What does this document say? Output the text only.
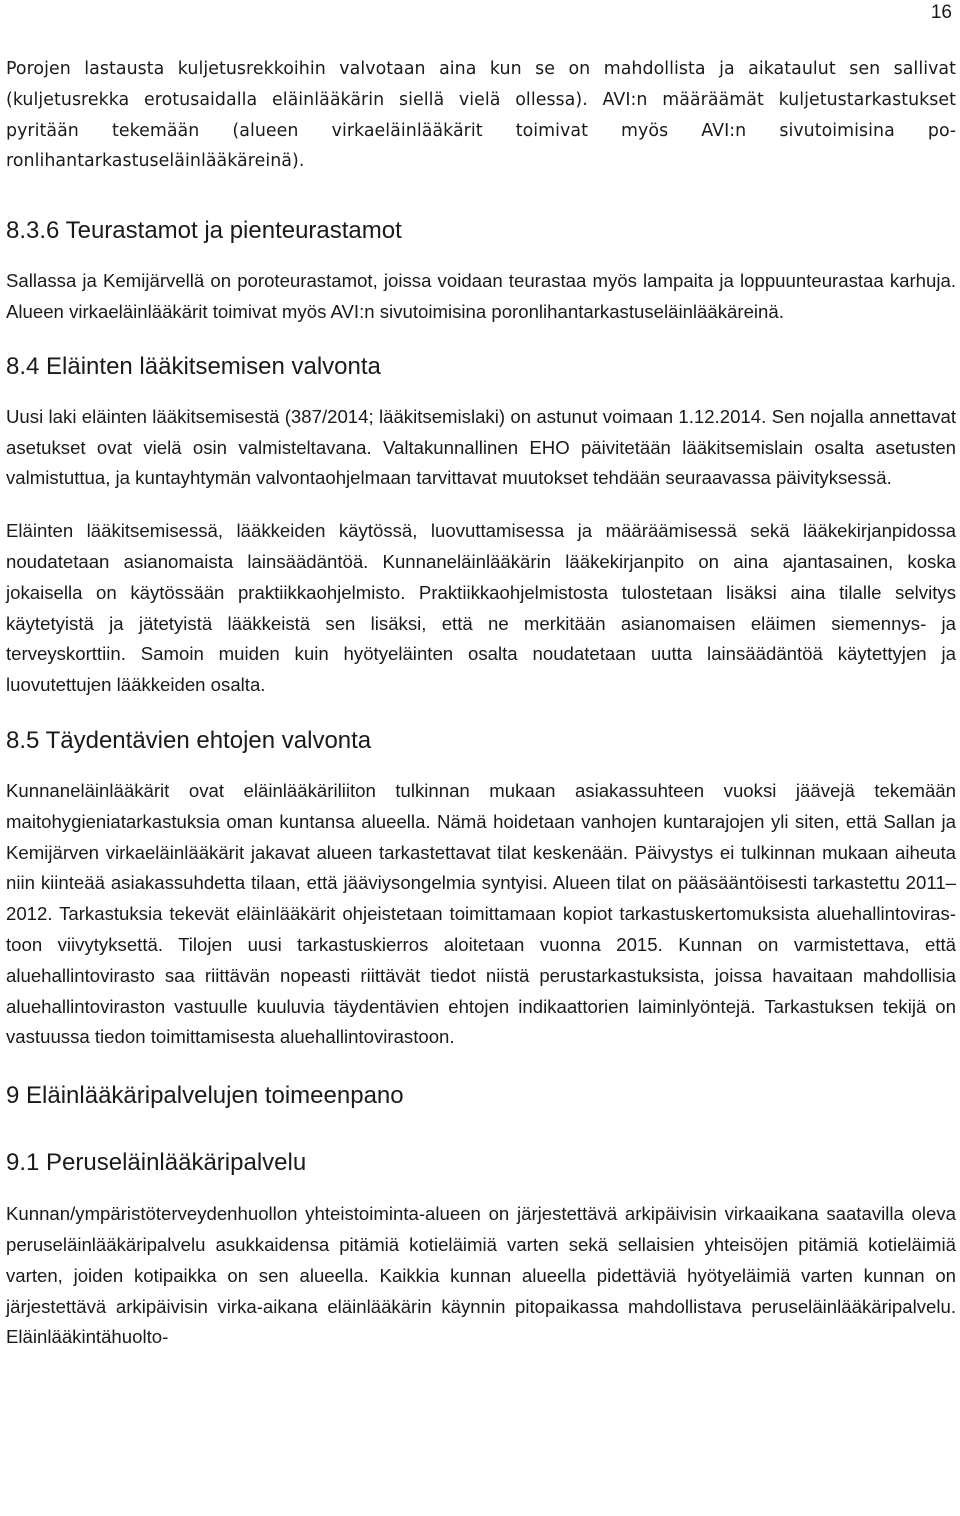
16

Porojen lastausta kuljetusrekkoihin valvotaan aina kun se on mahdollista ja aikataulut sen sallivat (kuljetusrekka erotusaidalla eläinlääkärin siellä vielä ollessa). AVI:n määräämät kuljetustarkastukset pyritään tekemään (alueen virkaeläinlääkärit toimivat myös AVI:n sivutoimisina poronlihantarkastuseläinlääkäreinä).

8.3.6 Teurastamot ja pienteurastamot

Sallassa ja Kemijärvellä on poroteurastamot, joissa voidaan teurastaa myös lampaita ja loppuunteurastaa karhuja. Alueen virkaeläinlääkärit toimivat myös AVI:n sivutoimisina poronlihantarkastuseläinlääkäreinä.

8.4 Eläinten lääkitsemisen valvonta

Uusi laki eläinten lääkitsemisestä (387/2014; lääkitsemislaki) on astunut voimaan 1.12.2014. Sen nojalla annettavat asetukset ovat vielä osin valmisteltavana. Valtakunnallinen EHO päivitetään lääkitsemislain osalta asetusten valmistuttua, ja kuntayhtymän valvontaohjelmaan tarvittavat muutokset tehdään seuraavassa päivityksessä.

Eläinten lääkitsemisessä, lääkkeiden käytössä, luovuttamisessa ja määräämisessä sekä lääkekirjanpidossa noudatetaan asianomaista lainsäädäntöä. Kunnaneläinlääkärin lääkekirjanpito on aina ajantasainen, koska jokaisella on käytössään praktiikkaohjelmisto. Praktiikkaohjelmistosta tulostetaan lisäksi aina tilalle selvitys käytetyistä ja jätetyistä lääkkeistä sen lisäksi, että ne merkitään asianomaisen eläimen siemennys- ja terveyskorttiin. Samoin muiden kuin hyötyeläinten osalta noudatetaan uutta lainsäädäntöä käytettyjen ja luovutettujen lääkkeiden osalta.

8.5 Täydentävien ehtojen valvonta

Kunnaneläinlääkärit ovat eläinlääkäriliiton tulkinnan mukaan asiakassuhteen vuoksi jäävejä tekemään maitohygieniatarkastuksia oman kuntansa alueella. Nämä hoidetaan vanhojen kuntarajojen yli siten, että Sallan ja Kemijärven virkaeläinlääkärit jakavat alueen tarkastettavat tilat keskenään. Päivystys ei tulkinnan mukaan aiheuta niin kiinteää asiakassuhdetta tilaan, että jääviysongelmia syntyisi. Alueen tilat on pääsääntöisesti tarkastettu 2011–2012. Tarkastuksia tekevät eläinlääkärit ohjeistetaan toimittamaan kopiot tarkastuskertomuksista aluehallintovirastoon viivytyksettä. Tilojen uusi tarkastuskierros aloitetaan vuonna 2015. Kunnan on varmistettava, että aluehallintovirasto saa riittävän nopeasti riittävät tiedot niistä perustarkastuksista, joissa havaitaan mahdollisia aluehallintoviraston vastuulle kuuluvia täydentävien ehtojen indikaattorien laiminlyöntejä. Tarkastuksen tekijä on vastuussa tiedon toimittamisesta aluehallintovirastoon.

9 Eläinlääkäripalvelujen toimeenpano
9.1 Peruseläinlääkäripalvelu

Kunnan/ympäristöterveydenhuollon yhteistoiminta-alueen on järjestettävä arkipäivisin virkaaikana saatavilla oleva peruseläinlääkäripalvelu asukkaidensa pitämiä kotieläimiä varten sekä sellaisien yhteisöjen pitämiä kotieläimiä varten, joiden kotipaikka on sen alueella. Kaikkia kunnan alueella pidettäviä hyötyeläimiä varten kunnan on järjestettävä arkipäivisin virka-aikana eläinlääkärin käynnin pitopaikassa mahdollistava peruseläinlääkäripalvelu. Eläinlääkintähuolto-
